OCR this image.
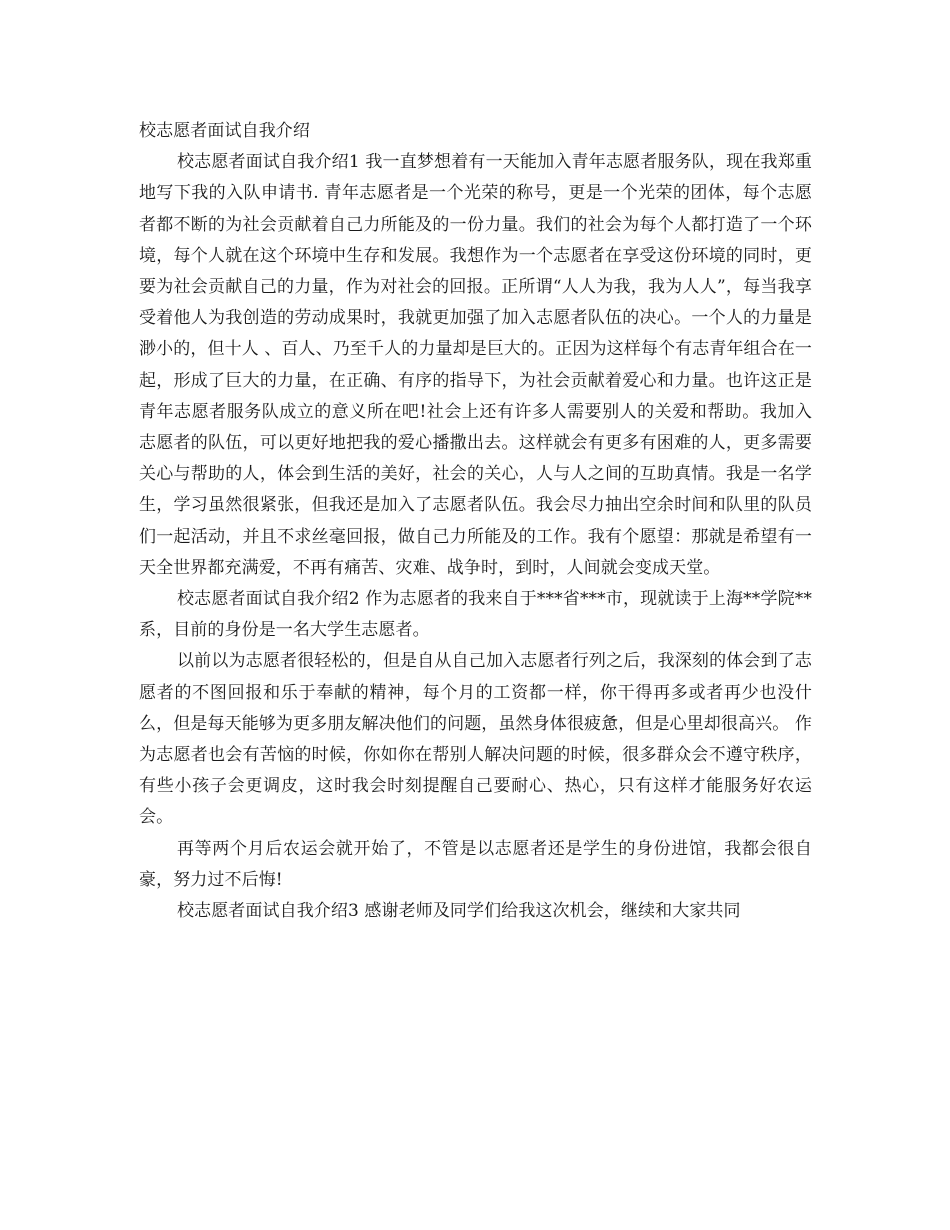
校志愿者面试自我介绍

校志愿者面试自我介绍1 我一直梦想着有一天能加入青年志愿者服务队，现在我郑重地写下我的入队申请书. 青年志愿者是一个光荣的称号，更是一个光荣的团体，每个志愿者都不断的为社会贡献着自己力所能及的一份力量。我们的社会为每个人都打造了一个环境，每个人就在这个环境中生存和发展。我想作为一个志愿者在享受这份环境的同时，更要为社会贡献自己的力量，作为对社会的回报。正所谓“人人为我，我为人人”，每当我享受着他人为我创造的劳动成果时，我就更加强了加入志愿者队伍的决心。一个人的力量是渺小的，但十人 、百人、乃至千人的力量却是巨大的。正因为这样每个有志青年组合在一起，形成了巨大的力量，在正确、有序的指导下，为社会贡献着爱心和力量。也许这正是青年志愿者服务队成立的意义所在吧!社会上还有许多人需要别人的关爱和帮助。我加入志愿者的队伍，可以更好地把我的爱心播撒出去。这样就会有更多有困难的人，更多需要关心与帮助的人，体会到生活的美好，社会的关心，人与人之间的互助真情。我是一名学生，学习虽然很紧张，但我还是加入了志愿者队伍。我会尽力抽出空余时间和队里的队员们一起活动，并且不求丝毫回报，做自己力所能及的工作。我有个愿望：那就是希望有一天全世界都充满爱，不再有痛苦、灾难、战争时，到时，人间就会变成天堂。

校志愿者面试自我介绍2 作为志愿者的我来自于***省***市，现就读于上海**学院**系，目前的身份是一名大学生志愿者。

以前以为志愿者很轻松的，但是自从自己加入志愿者行列之后，我深刻的体会到了志愿者的不图回报和乐于奉献的精神，每个月的工资都一样，你干得再多或者再少也没什么，但是每天能够为更多朋友解决他们的问题，虽然身体很疲惫，但是心里却很高兴。 作为志愿者也会有苦恼的时候，你如你在帮别人解决问题的时候，很多群众会不遵守秩序，有些小孩子会更调皮，这时我会时刻提醒自己要耐心、热心，只有这样才能服务好农运会。

再等两个月后农运会就开始了，不管是以志愿者还是学生的身份进馆，我都会很自豪，努力过不后悔!

校志愿者面试自我介绍3 感谢老师及同学们给我这次机会，继续和大家共同
